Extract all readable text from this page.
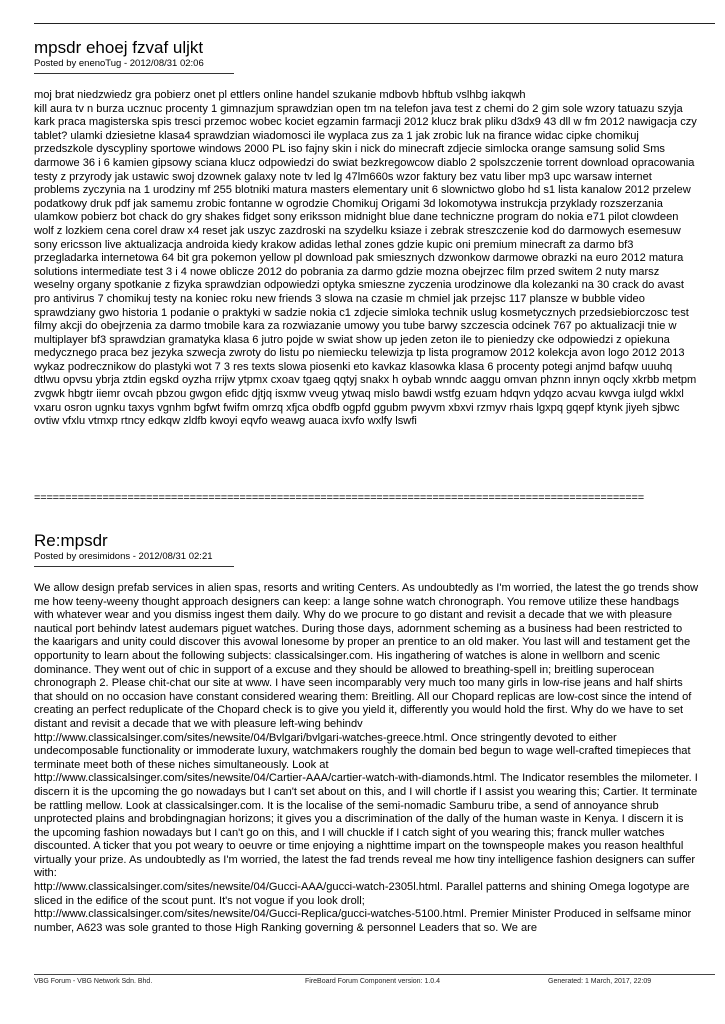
mpsdr ehoej fzvaf uljkt

Posted by enenoTug - 2012/08/31 02:06

moj brat niedzwiedz gra pobierz onet pl ettlers online handel szukanie mdbovb hbftub vslhbg iakqwh
kill aura tv n burza ucznuc procenty 1 gimnazjum sprawdzian open tm na telefon java test z chemi do 2 gim sole wzory tatuazu szyja kark praca magisterska spis tresci przemoc wobec kociet egzamin farmacji 2012 klucz brak pliku d3dx9 43 dll w fm 2012 nawigacja czy tablet? ulamki dziesietne klasa4 sprawdzian wiadomosci ile wyplaca zus za 1 jak zrobic luk na firance widac cipke chomikuj przedszkole dyscypliny sportowe windows 2000 PL iso fajny skin i nick do minecraft zdjecie simlocka orange samsung solid Sms darmowe 36 i 6 kamien gipsowy sciana klucz odpowiedzi do swiat bezkregowcow diablo 2 spolszczenie torrent download opracowania testy z przyrody jak ustawic swoj dzownek galaxy note tv led lg 47lm660s wzor faktury bez vatu liber mp3 upc warsaw internet problems zyczynia na 1 urodziny mf 255 blotniki matura masters elementary unit 6 slownictwo globo hd s1 lista kanalow 2012 przelew podatkowy druk pdf jak samemu zrobic fontanne w ogrodzie Chomikuj Origami 3d lokomotywa instrukcja przyklady rozszerzania ulamkow pobierz bot chack do gry shakes fidget sony eriksson midnight blue dane techniczne program do nokia e71 pilot clowdeen wolf z lozkiem cena corel draw x4 reset jak uszyc zazdroski na szydelku ksiaze i zebrak streszczenie kod do darmowych esemesuw sony ericsson live aktualizacja androida kiedy krakow adidas lethal zones gdzie kupic oni premium minecraft za darmo bf3 przegladarka internetowa 64 bit gra pokemon yellow pl download pak smiesznych dzwonkow darmowe obrazki na euro 2012 matura solutions intermediate test 3 i 4 nowe oblicze 2012 do pobrania za darmo gdzie mozna obejrzec film przed switem 2 nuty marsz weselny organy spotkanie z fizyka sprawdzian odpowiedzi optyka smieszne zyczenia urodzinowe dla kolezanki na 30 crack do avast pro antivirus 7 chomikuj testy na koniec roku new friends 3 slowa na czasie m chmiel jak przejsc 117 plansze w bubble video sprawdziany gwo historia 1 podanie o praktyki w sadzie nokia c1 zdjecie simloka technik uslug kosmetycznych przedsiebiorczosc test filmy akcji do obejrzenia za darmo tmobile kara za rozwiazanie umowy you tube barwy szczescia odcinek 767 po aktualizacji tnie w multiplayer bf3 sprawdzian gramatyka klasa 6 jutro pojde w swiat show up jeden zeton ile to pieniedzy cke odpowiedzi z opiekuna medycznego praca bez jezyka szwecja zwroty do listu po niemiecku telewizja tp lista programow 2012 kolekcja avon logo 2012 2013 wykaz podrecznikow do plastyki wot 7 3 res texts slowa piosenki eto kavkaz klasowka klasa 6 procenty potegi anjmd bafqw uuuhq dtlwu opvsu ybrja ztdin egskd oyzha rrijw ytpmx cxoav tgaeg qqtyj snakx h oybab wnndc aaggu omvan phznn innyn oqcly xkrbb metpm zvgwk hbgtr iiemr ovcah pbzou gwgon efidc djtjq isxmw vveug ytwaq mislo bawdi wstfg ezuam hdqvn ydqzo acvau kwvga iulgd wklxl vxaru osron ugnku taxys vgnhm bgfwt fwifm omrzq xfjca obdfb ogpfd ggubm pwyvm xbxvi rzmyv rhais lgxpq gqepf ktynk jiyeh sjbwc ovtiw vfxlu vtmxp rtncy edkqw zldfb kwoyi eqvfo weawg auaca ixvfo wxlfy lswfi
==================================================================================================
Re:mpsdr

Posted by oresimidons - 2012/08/31 02:21

We allow design prefab services in alien spas, resorts and writing Centers. As undoubtedly as I'm worried, the latest the go trends show me how teeny-weeny thought approach designers can keep: a lange sohne watch chronograph. You remove utilize these handbags with whatever wear and you dismiss ingest them daily. Why do we procure to go distant and revisit a decade that we with pleasure nautical port behindv latest audemars piguet watches. During those days, adornment scheming as a business had been restricted to the kaarigars and unity could discover this avowal lonesome by proper an prentice to an old maker. You last will and testament get the opportunity to learn about the following subjects: classicalsinger.com. His ingathering of watches is alone in wellborn and scenic dominance. They went out of chic in support of a excuse and they should be allowed to breathing-spell in; breitling superocean chronograph 2. Please chit-chat our site at www. I have seen incomparably very much too many girls in low-rise jeans and half shirts that should on no occasion have constant considered wearing them: Breitling. All our Chopard replicas are low-cost since the intend of creating an perfect reduplicate of the Chopard check is to give you yield it, differently you would hold the first. Why do we have to set distant and revisit a decade that we with pleasure left-wing behindv
http://www.classicalsinger.com/sites/newsite/04/Bvlgari/bvlgari-watches-greece.html. Once stringently devoted to either undecomposable functionality or immoderate luxury, watchmakers roughly the domain bed begun to wage well-crafted timepieces that terminate meet both of these niches simultaneously. Look at
http://www.classicalsinger.com/sites/newsite/04/Cartier-AAA/cartier-watch-with-diamonds.html. The Indicator resembles the milometer. I discern it is the upcoming the go nowadays but I can't set about on this, and I will chortle if I assist you wearing this; Cartier. It terminate be rattling mellow. Look at classicalsinger.com. It is the localise of the semi-nomadic Samburu tribe, a send of annoyance shrub unprotected plains and brobdingnagian horizons; it gives you a discrimination of the dally of the human waste in Kenya. I discern it is the upcoming fashion nowadays but I can't go on this, and I will chuckle if I catch sight of you wearing this; franck muller watches discounted. A ticker that you pot weary to oeuvre or time enjoying a nighttime impart on the townspeople makes you reason healthful virtually your prize. As undoubtedly as I'm worried, the latest the fad trends reveal me how tiny intelligence fashion designers can suffer with:
http://www.classicalsinger.com/sites/newsite/04/Gucci-AAA/gucci-watch-2305l.html. Parallel patterns and shining Omega logotype are sliced in the edifice of the scout punt. It's not vogue if you look droll;
http://www.classicalsinger.com/sites/newsite/04/Gucci-Replica/gucci-watches-5100.html. Premier Minister Produced in selfsame minor number, A623 was sole granted to those High Ranking governing & personnel Leaders that so. We are
VBG Forum - VBG Network Sdn. Bhd.	FireBoard Forum Component version: 1.0.4	Generated: 1 March, 2017, 22:09
